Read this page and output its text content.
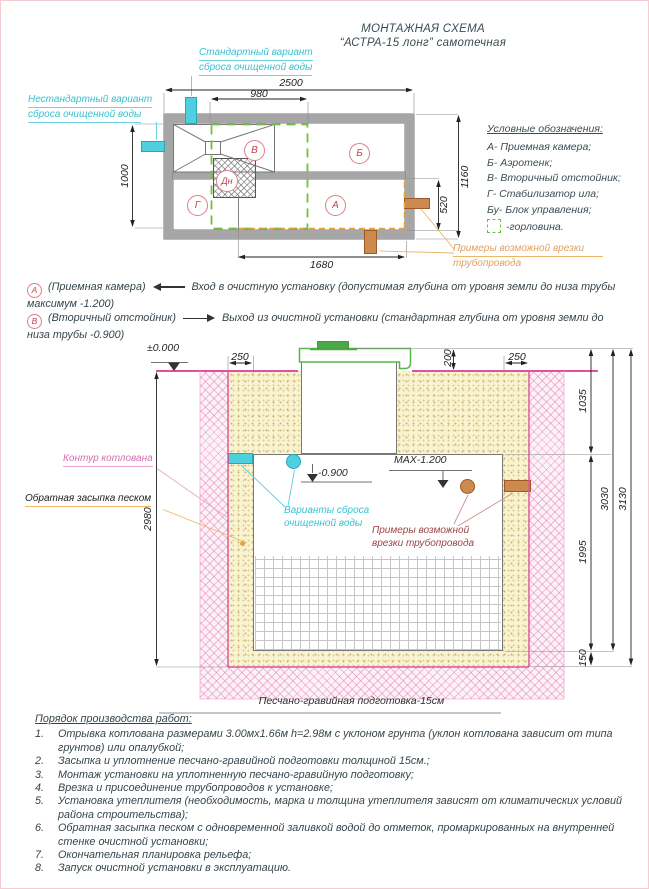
МОНТАЖНАЯ СХЕМА
“АСТРА-15 лонг” самотечная
В	Б
Г	А
Дн
Стандартный вариант
сброса очищенной воды
Нестандартный вариант
сброса очищенной воды
Примеры возможной врезки
трубопровода
2500
980
1000	1160
520
1680
Условные обозначения:
А- Приемная камера;
Б- Аэротенк;
В- Вторичный отстойник;
Г- Стабилизатор ила;
Бу- Блок управления;
-горловина.
А (Приемная камера)	Вход в очистную установку (допустимая глубина от уровня земли до низа трубы максимум -1.200)
В (Вторичный отстойник)	Выход из очистной установки (стандартная глубина от уровня земли до низа трубы -0.900)
±0.000
250	200	250
2980
1035
1995
150
3030 3130
Контур котлована
Обратная засыпка песком
Варианты сброса очищенной воды
Примеры возможной врезки трубопровода
МАХ-1.200
-0.900
Песчано-гравийная подготовка-15см
Порядок производства работ:
1.	Отрывка котлована размерами 3.00мх1.66м h=2.98м с уклоном грунта (уклон котлована зависит от типа грунтов) или опалубкой;
2.	Засыпка и уплотнение песчано-гравийной подготовки толщиной 15см.;
3.	Монтаж установки на уплотненную песчано-гравийную подготовку;
4.	Врезка и присоединение трубопроводов к установке;
5.	Установка утеплителя (необходимость, марка и толщина утеплителя зависят от климатических условий района строительства);
6.	Обратная засыпка песком с одновременной заливкой водой до отметок, промаркированных на внутренней стенке очистной установки;
7.	Окончательная планировка рельефа;
8.	Запуск очистной установки в эксплуатацию.
